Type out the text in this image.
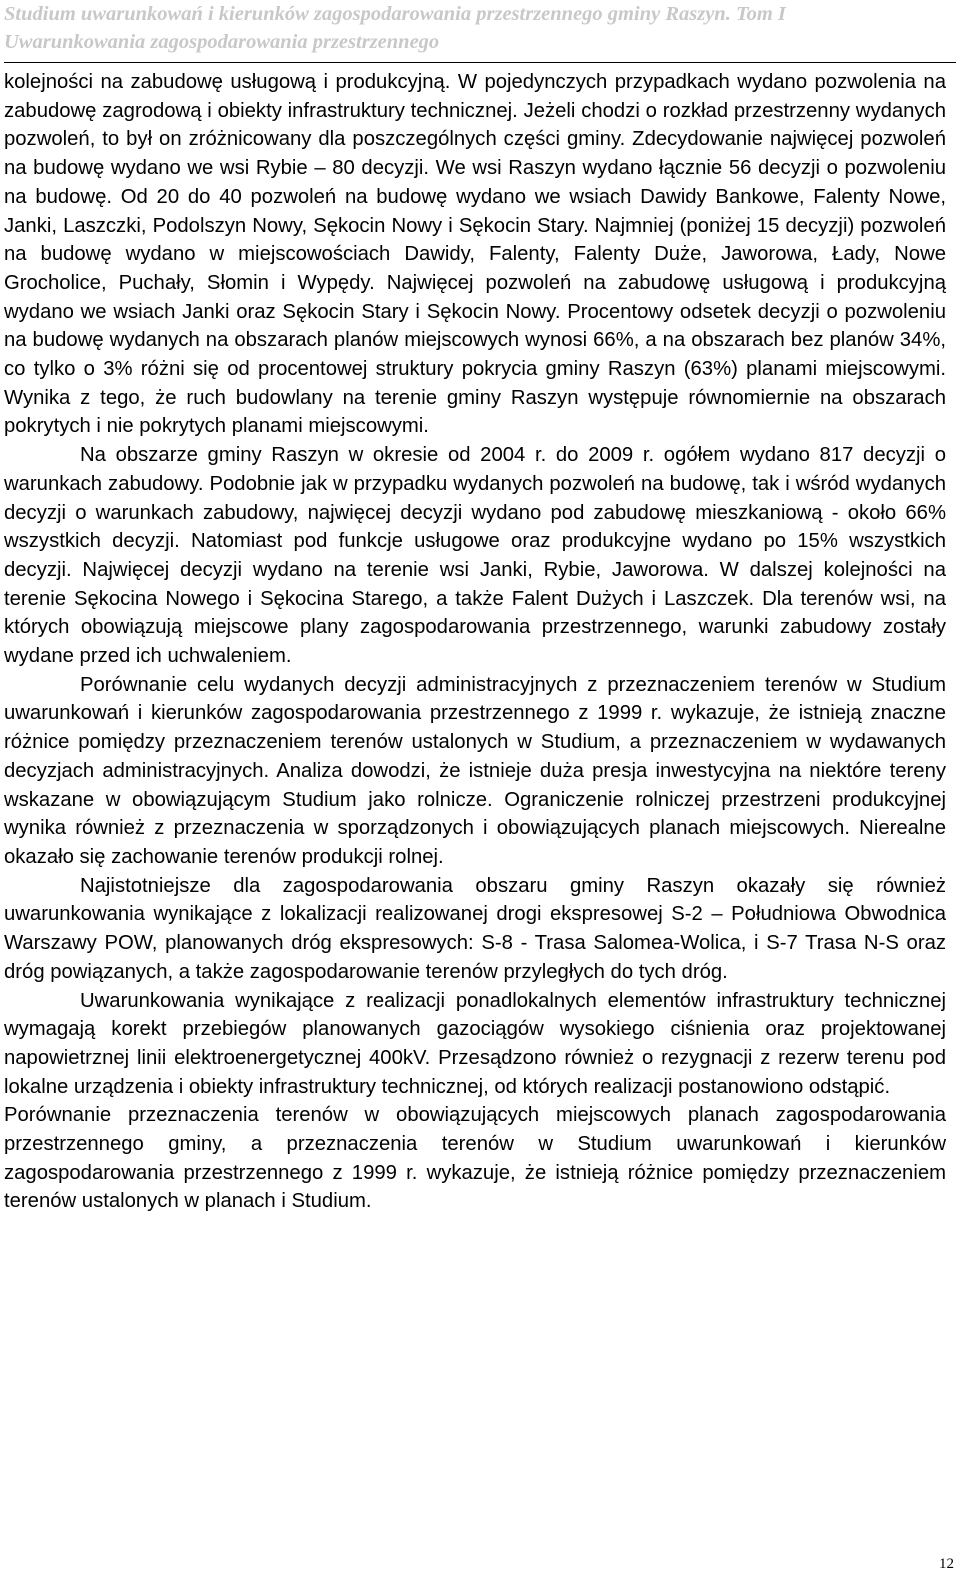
Studium uwarunkowań i kierunków zagospodarowania przestrzennego gminy Raszyn. Tom I
Uwarunkowania zagospodarowania przestrzennego

kolejności na zabudowę usługową i produkcyjną. W pojedynczych przypadkach wydano pozwolenia na zabudowę zagrodową i obiekty infrastruktury technicznej. Jeżeli chodzi o rozkład przestrzenny wydanych pozwoleń, to był on zróżnicowany dla poszczególnych części gminy. Zdecydowanie najwięcej pozwoleń na budowę wydano we wsi Rybie – 80 decyzji. We wsi Raszyn wydano łącznie 56 decyzji o pozwoleniu na budowę. Od 20 do 40 pozwoleń na budowę wydano we wsiach Dawidy Bankowe, Falenty Nowe, Janki, Laszczki, Podolszyn Nowy, Sękocin Nowy i Sękocin Stary. Najmniej (poniżej 15 decyzji) pozwoleń na budowę wydano w miejscowościach Dawidy, Falenty, Falenty Duże, Jaworowa, Łady, Nowe Grocholice, Puchały, Słomin i Wypędy. Najwięcej pozwoleń na zabudowę usługową i produkcyjną wydano we wsiach Janki oraz Sękocin Stary i Sękocin Nowy. Procentowy odsetek decyzji o pozwoleniu na budowę wydanych na obszarach planów miejscowych wynosi 66%, a na obszarach bez planów 34%, co tylko o 3% różni się od procentowej struktury pokrycia gminy Raszyn (63%) planami miejscowymi. Wynika z tego, że ruch budowlany na terenie gminy Raszyn występuje równomiernie na obszarach pokrytych i nie pokrytych planami miejscowymi.

Na obszarze gminy Raszyn w okresie od 2004 r. do 2009 r. ogółem wydano 817 decyzji o warunkach zabudowy. Podobnie jak w przypadku wydanych pozwoleń na budowę, tak i wśród wydanych decyzji o warunkach zabudowy, najwięcej decyzji wydano pod zabudowę mieszkaniową - około 66% wszystkich decyzji. Natomiast pod funkcje usługowe oraz produkcyjne wydano po 15% wszystkich decyzji. Najwięcej decyzji wydano na terenie wsi Janki, Rybie, Jaworowa. W dalszej kolejności na terenie Sękocina Nowego i Sękocina Starego, a także Falent Dużych i Laszczek. Dla terenów wsi, na których obowiązują miejscowe plany zagospodarowania przestrzennego, warunki zabudowy zostały wydane przed ich uchwaleniem.

Porównanie celu wydanych decyzji administracyjnych z przeznaczeniem terenów w Studium uwarunkowań i kierunków zagospodarowania przestrzennego z 1999 r. wykazuje, że istnieją znaczne różnice pomiędzy przeznaczeniem terenów ustalonych w Studium, a przeznaczeniem w wydawanych decyzjach administracyjnych. Analiza dowodzi, że istnieje duża presja inwestycyjna na niektóre tereny wskazane w obowiązującym Studium jako rolnicze. Ograniczenie rolniczej przestrzeni produkcyjnej wynika również z przeznaczenia w sporządzonych i obowiązujących planach miejscowych. Nierealne okazało się zachowanie terenów produkcji rolnej.

Najistotniejsze dla zagospodarowania obszaru gminy Raszyn okazały się również uwarunkowania wynikające z lokalizacji realizowanej drogi ekspresowej S-2 – Południowa Obwodnica Warszawy POW, planowanych dróg ekspresowych: S-8 - Trasa Salomea-Wolica, i S-7 Trasa N-S oraz dróg powiązanych, a także zagospodarowanie terenów przyległych do tych dróg.

Uwarunkowania wynikające z realizacji ponadlokalnych elementów infrastruktury technicznej wymagają korekt przebiegów planowanych gazociągów wysokiego ciśnienia oraz projektowanej napowietrznej linii elektroenergetycznej 400kV. Przesądzono również o rezygnacji z rezerw terenu pod lokalne urządzenia i obiekty infrastruktury technicznej, od których realizacji postanowiono odstąpić.

Porównanie przeznaczenia terenów w obowiązujących miejscowych planach zagospodarowania przestrzennego gminy, a przeznaczenia terenów w Studium uwarunkowań i kierunków zagospodarowania przestrzennego z 1999 r. wykazuje, że istnieją różnice pomiędzy przeznaczeniem terenów ustalonych w planach i Studium.

12
